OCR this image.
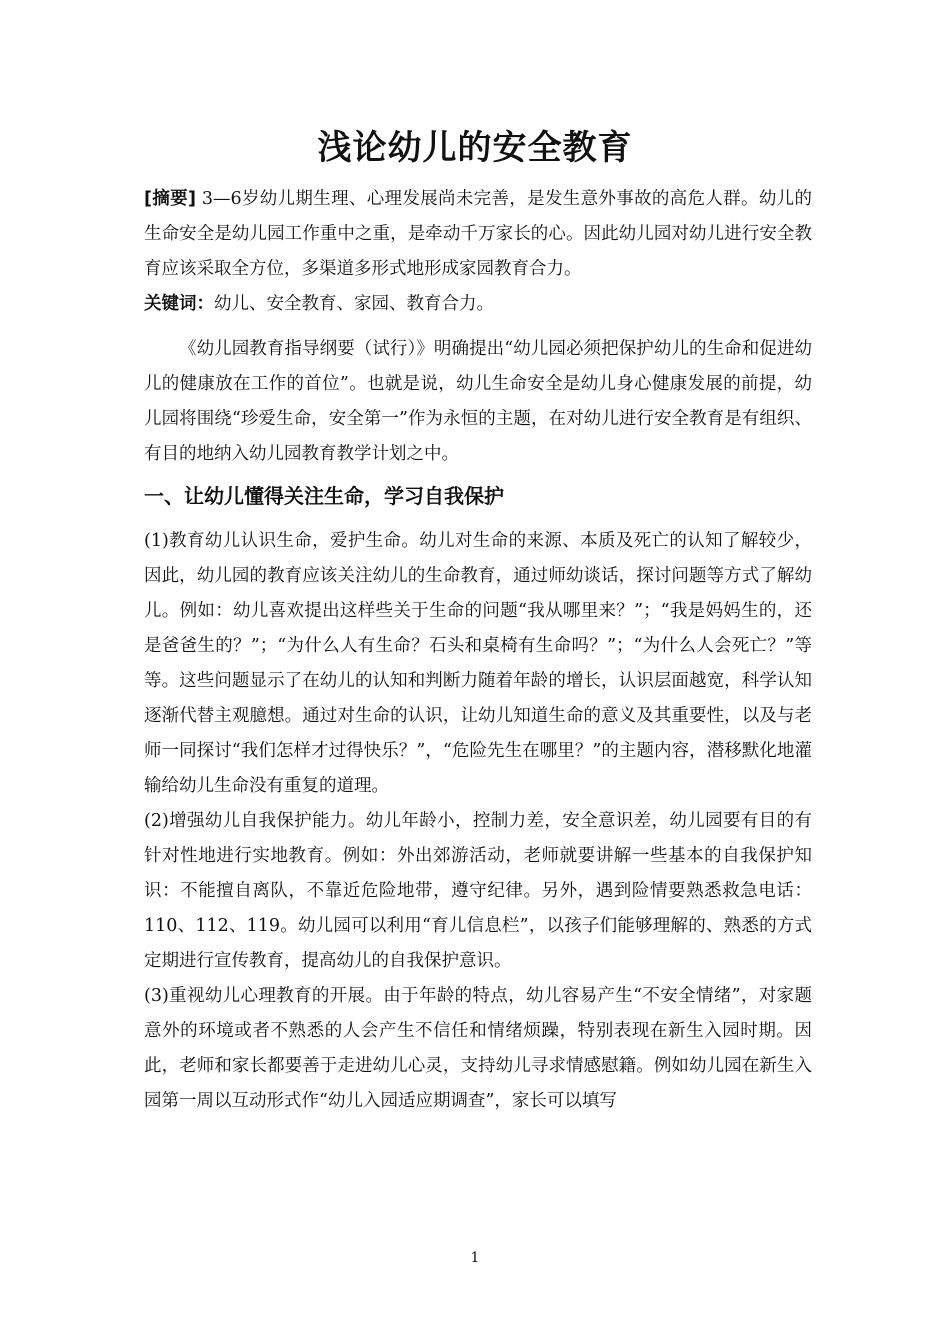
浅论幼儿的安全教育

[摘要] 3—6岁幼儿期生理、心理发展尚未完善，是发生意外事故的高危人群。幼儿的生命安全是幼儿园工作重中之重，是牵动千万家长的心。因此幼儿园对幼儿进行安全教育应该采取全方位，多渠道多形式地形成家园教育合力。

关键词：幼儿、安全教育、家园、教育合力。

《幼儿园教育指导纲要（试行）》明确提出“幼儿园必须把保护幼儿的生命和促进幼儿的健康放在工作的首位”。也就是说，幼儿生命安全是幼儿身心健康发展的前提，幼儿园将围绕“珍爱生命，安全第一”作为永恒的主题，在对幼儿进行安全教育是有组织、有目的地纳入幼儿园教育教学计划之中。

一、让幼儿懂得关注生命，学习自我保护

(1)教育幼儿认识生命，爱护生命。幼儿对生命的来源、本质及死亡的认知了解较少，因此，幼儿园的教育应该关注幼儿的生命教育，通过师幼谈话，探讨问题等方式了解幼儿。例如：幼儿喜欢提出这样些关于生命的问题“我从哪里来？”；“我是妈妈生的，还是爸爸生的？”；“为什么人有生命？石头和桌椅有生命吗？”；“为什么人会死亡？”等等。这些问题显示了在幼儿的认知和判断力随着年龄的增长，认识层面越宽，科学认知逐渐代替主观臆想。通过对生命的认识，让幼儿知道生命的意义及其重要性，以及与老师一同探讨“我们怎样才过得快乐？”，“危险先生在哪里？”的主题内容，潜移默化地灌输给幼儿生命没有重复的道理。

(2)增强幼儿自我保护能力。幼儿年龄小，控制力差，安全意识差，幼儿园要有目的有针对性地进行实地教育。例如：外出郊游活动，老师就要讲解一些基本的自我保护知识：不能擅自离队，不靠近危险地带，遵守纪律。另外，遇到险情要熟悉救急电话：110、112、119。幼儿园可以利用“育儿信息栏”，以孩子们能够理解的、熟悉的方式定期进行宣传教育，提高幼儿的自我保护意识。

(3)重视幼儿心理教育的开展。由于年龄的特点，幼儿容易产生“不安全情绪”，对家题意外的环境或者不熟悉的人会产生不信任和情绪烦躁，特别表现在新生入园时期。因此，老师和家长都要善于走进幼儿心灵，支持幼儿寻求情感慰籍。例如幼儿园在新生入园第一周以互动形式作“幼儿入园适应期调查”，家长可以填写

1
